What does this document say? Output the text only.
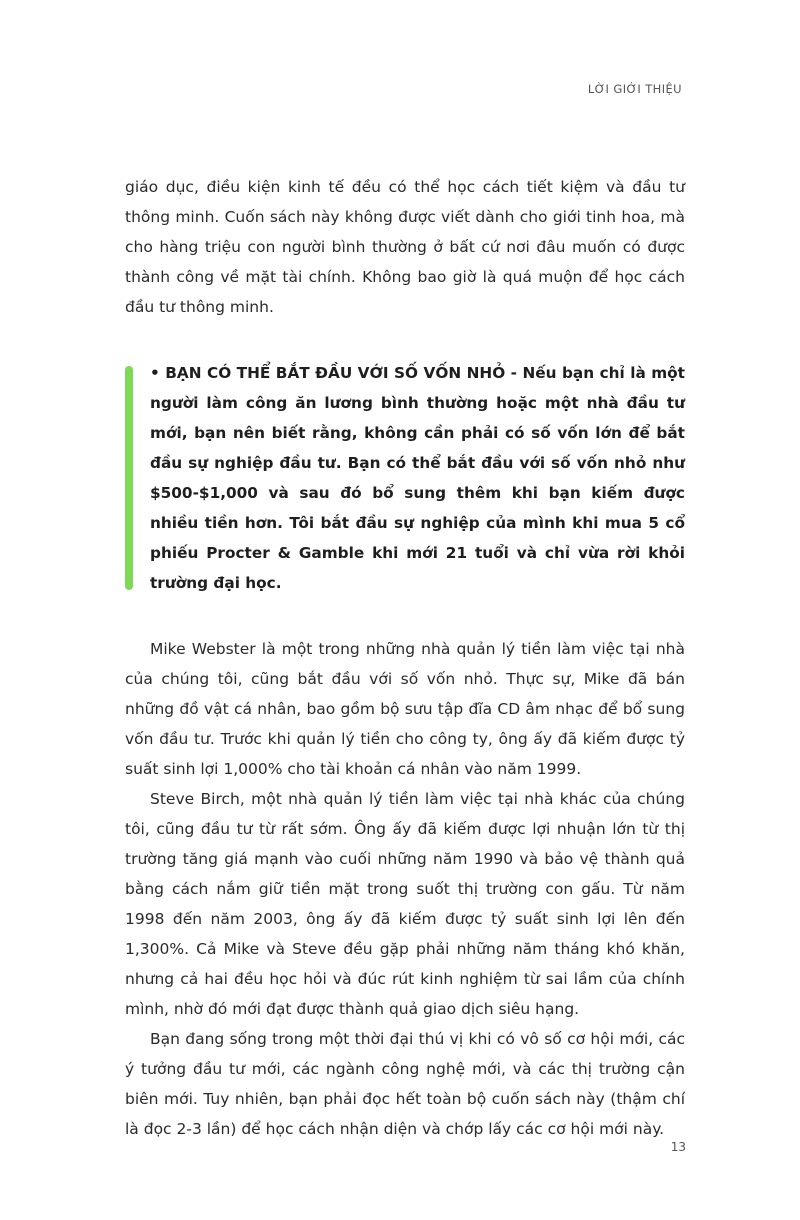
LỜI GIỚI THIỆU

giáo dục, điều kiện kinh tế đều có thể học cách tiết kiệm và đầu tư thông minh. Cuốn sách này không được viết dành cho giới tinh hoa, mà cho hàng triệu con người bình thường ở bất cứ nơi đâu muốn có được thành công về mặt tài chính. Không bao giờ là quá muộn để học cách đầu tư thông minh.

• BẠN CÓ THỂ BẮT ĐẦU VỚI SỐ VỐN NHỎ - Nếu bạn chỉ là một người làm công ăn lương bình thường hoặc một nhà đầu tư mới, bạn nên biết rằng, không cần phải có số vốn lớn để bắt đầu sự nghiệp đầu tư. Bạn có thể bắt đầu với số vốn nhỏ như $500-$1,000 và sau đó bổ sung thêm khi bạn kiếm được nhiều tiền hơn. Tôi bắt đầu sự nghiệp của mình khi mua 5 cổ phiếu Procter & Gamble khi mới 21 tuổi và chỉ vừa rời khỏi trường đại học.

Mike Webster là một trong những nhà quản lý tiền làm việc tại nhà của chúng tôi, cũng bắt đầu với số vốn nhỏ. Thực sự, Mike đã bán những đồ vật cá nhân, bao gồm bộ sưu tập đĩa CD âm nhạc để bổ sung vốn đầu tư. Trước khi quản lý tiền cho công ty, ông ấy đã kiếm được tỷ suất sinh lợi 1,000% cho tài khoản cá nhân vào năm 1999.

Steve Birch, một nhà quản lý tiền làm việc tại nhà khác của chúng tôi, cũng đầu tư từ rất sớm. Ông ấy đã kiếm được lợi nhuận lớn từ thị trường tăng giá mạnh vào cuối những năm 1990 và bảo vệ thành quả bằng cách nắm giữ tiền mặt trong suốt thị trường con gấu. Từ năm 1998 đến năm 2003, ông ấy đã kiếm được tỷ suất sinh lợi lên đến 1,300%. Cả Mike và Steve đều gặp phải những năm tháng khó khăn, nhưng cả hai đều học hỏi và đúc rút kinh nghiệm từ sai lầm của chính mình, nhờ đó mới đạt được thành quả giao dịch siêu hạng.

Bạn đang sống trong một thời đại thú vị khi có vô số cơ hội mới, các ý tưởng đầu tư mới, các ngành công nghệ mới, và các thị trường cận biên mới. Tuy nhiên, bạn phải đọc hết toàn bộ cuốn sách này (thậm chí là đọc 2-3 lần) để học cách nhận diện và chớp lấy các cơ hội mới này.

13
